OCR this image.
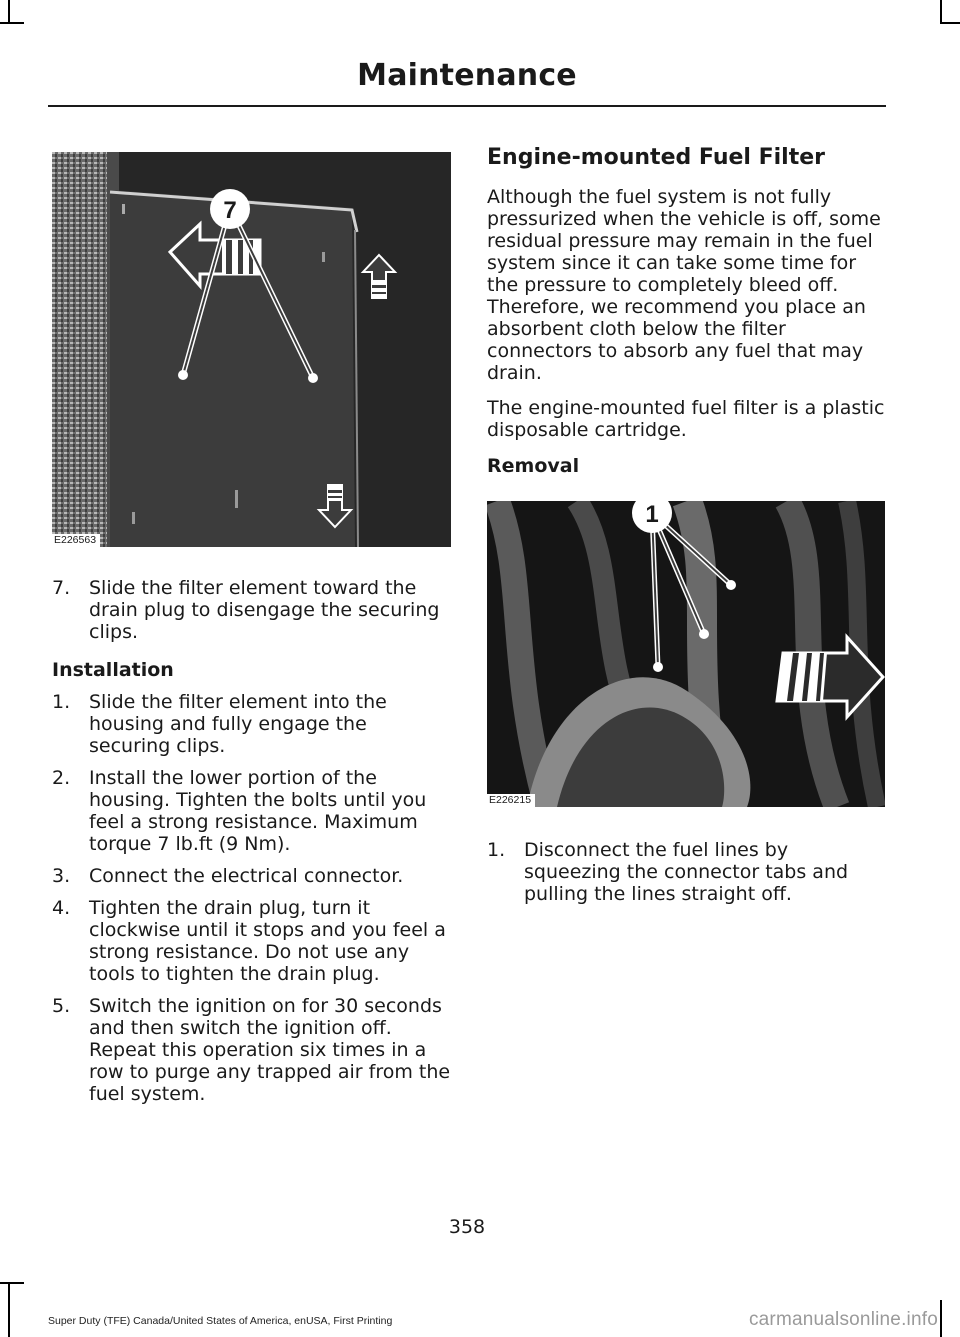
Maintenance
7
E226563
7. Slide the filter element toward the drain plug to disengage the securing clips.
Installation
1. Slide the filter element into the housing and fully engage the securing clips.
2. Install the lower portion of the housing. Tighten the bolts until you feel a strong resistance. Maximum torque 7 lb.ft (9 Nm).
3. Connect the electrical connector.
4. Tighten the drain plug, turn it clockwise until it stops and you feel a strong resistance. Do not use any tools to tighten the drain plug.
5. Switch the ignition on for 30 seconds and then switch the ignition off. Repeat this operation six times in a row to purge any trapped air from the fuel system.
Engine-mounted Fuel Filter

Although the fuel system is not fully pressurized when the vehicle is off, some residual pressure may remain in the fuel system since it can take some time for the pressure to completely bleed off. Therefore, we recommend you place an absorbent cloth below the filter connectors to absorb any fuel that may drain.

The engine-mounted fuel filter is a plastic disposable cartridge.

Removal
1
E226215
1. Disconnect the fuel lines by squeezing the connector tabs and pulling the lines straight off.
358
Super Duty (TFE) Canada/United States of America, enUSA, First Printing	carmanualsonline.info
